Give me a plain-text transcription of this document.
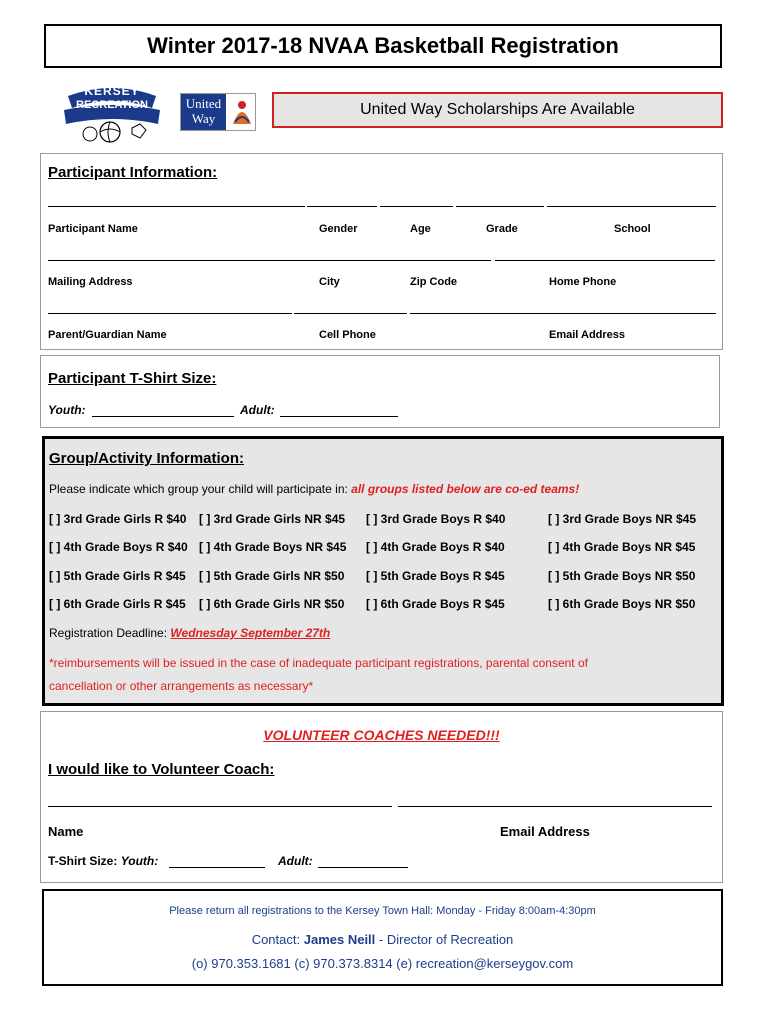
Winter 2017-18 NVAA Basketball Registration
KERSEY
RECREATION	United
Way
United Way Scholarships Are Available
Participant Information:
Participant Name	Gender	Age	Grade	School
Mailing Address	City	Zip Code	Home Phone
Parent/Guardian Name	Cell Phone	Email Address
Participant T-Shirt Size:
Youth:	Adult:
Group/Activity Information:
Please indicate which group your child will participate in: all groups listed below are co-ed teams!
[ ] 3rd Grade Girls R $40 [ ] 3rd Grade Girls NR $45 [ ] 3rd Grade Boys R $40	[ ] 3rd Grade Boys NR $45
[ ] 4th Grade Boys R $40 [ ] 4th Grade Boys NR $45 [ ] 4th Grade Boys R $40	[ ] 4th Grade Boys NR $45
[ ] 5th Grade Girls R $45 [ ] 5th Grade Girls NR $50 [ ] 5th Grade Boys R $45	[ ] 5th Grade Boys NR $50
[ ] 6th Grade Girls R $45 [ ] 6th Grade Girls NR $50 [ ] 6th Grade Boys R $45	[ ] 6th Grade Boys NR $50
Registration Deadline: Wednesday September 27th
*reimbursements will be issued in the case of inadequate participant registrations, parental consent of
cancellation or other arrangements as necessary*
VOLUNTEER COACHES NEEDED!!!
I would like to Volunteer Coach:
Name	Email Address
T-Shirt Size: Youth:	Adult:
Please return all registrations to the Kersey Town Hall: Monday - Friday 8:00am-4:30pm
Contact: James Neill - Director of Recreation
(o) 970.353.1681 (c) 970.373.8314 (e) recreation@kerseygov.com
